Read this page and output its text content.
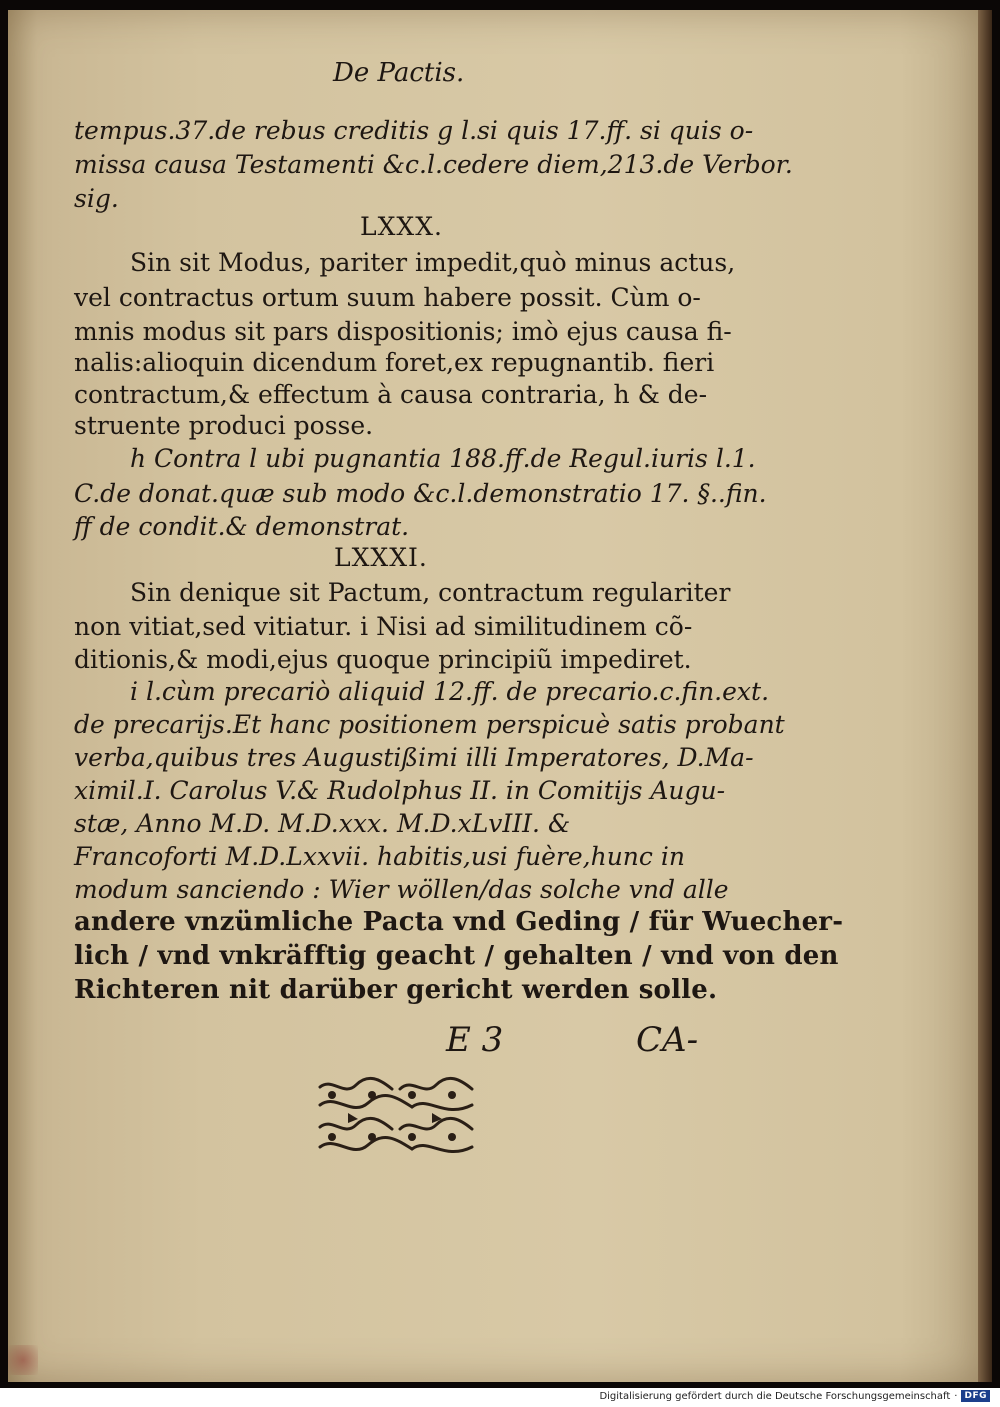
De Pactis.
tempus.37.de rebus creditis g l.si quis 17.ff. si quis o-
missa causa Testamenti &c.l.cedere diem,213.de Verbor.
sig.
LXXX.
Sin sit Modus, pariter impedit,quò minus actus,
vel contractus ortum suum habere possit. Cùm o-
mnis modus sit pars dispositionis; imò ejus causa fi-
nalis:alioquin dicendum foret,ex repugnantib. fieri
contractum,& effectum à causa contraria, h & de-
struente produci posse.
h Contra l ubi pugnantia 188.ff.de Regul.iuris l.1.
C.de donat.quæ sub modo &c.l.demonstratio 17. §..fin.
ff de condit.& demonstrat.
LXXXI.
Sin denique sit Pactum, contractum regulariter
non vitiat,sed vitiatur. i Nisi ad similitudinem cõ-
ditionis,& modi,ejus quoque principiũ impediret.
i l.cùm precariò aliquid 12.ff. de precario.c.fin.ext.
de precarijs.Et hanc positionem perspicuè satis probant
verba,quibus tres Augustißimi illi Imperatores, D.Ma-
ximil.I. Carolus V.& Rudolphus II. in Comitijs Augu-
stæ, Anno M.D. M.D.xxx. M.D.xLvIII. &
Francoforti M.D.Lxxvii. habitis,usi fuère,hunc in
modum sanciendo : Wier wöllen/das solche vnd alle
andere vnzümliche Pacta vnd Geding / für Wuecher-
lich / vnd vnkräfftig geacht / gehalten / vnd von den
Richteren nit darüber gericht werden solle.
E 3	CA-
Digitalisierung gefördert durch die Deutsche Forschungsgemeinschaft · DFG
